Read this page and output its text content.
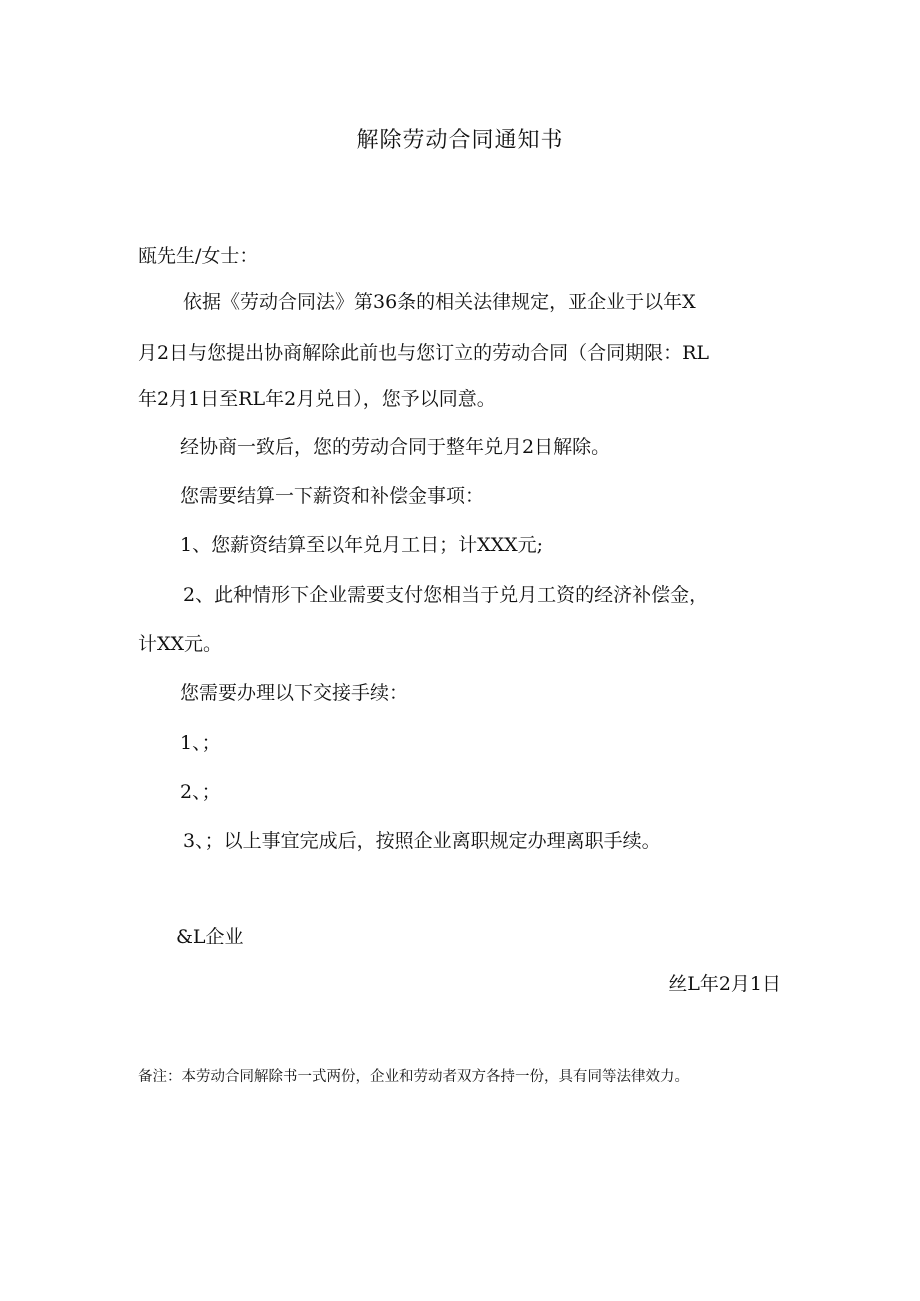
解除劳动合同通知书
瓯先生/女士：
依据《劳动合同法》第36条的相关法律规定，亚企业于以年X
月2日与您提出协商解除此前也与您订立的劳动合同（合同期限：RL
年2月1日至RL年2月兑日），您予以同意。
经协商一致后，您的劳动合同于整年兑月2日解除。
您需要结算一下薪资和补偿金事项：
1、您薪资结算至以年兑月工日；计XXX元;
2、此种情形下企业需要支付您相当于兑月工资的经济补偿金，
计XX元。
您需要办理以下交接手续：
1、；
2、；
3、；以上事宜完成后，按照企业离职规定办理离职手续。
&L企业
丝L年2月1日
备注：本劳动合同解除书一式两份，企业和劳动者双方各持一份，具有同等法律效力。
